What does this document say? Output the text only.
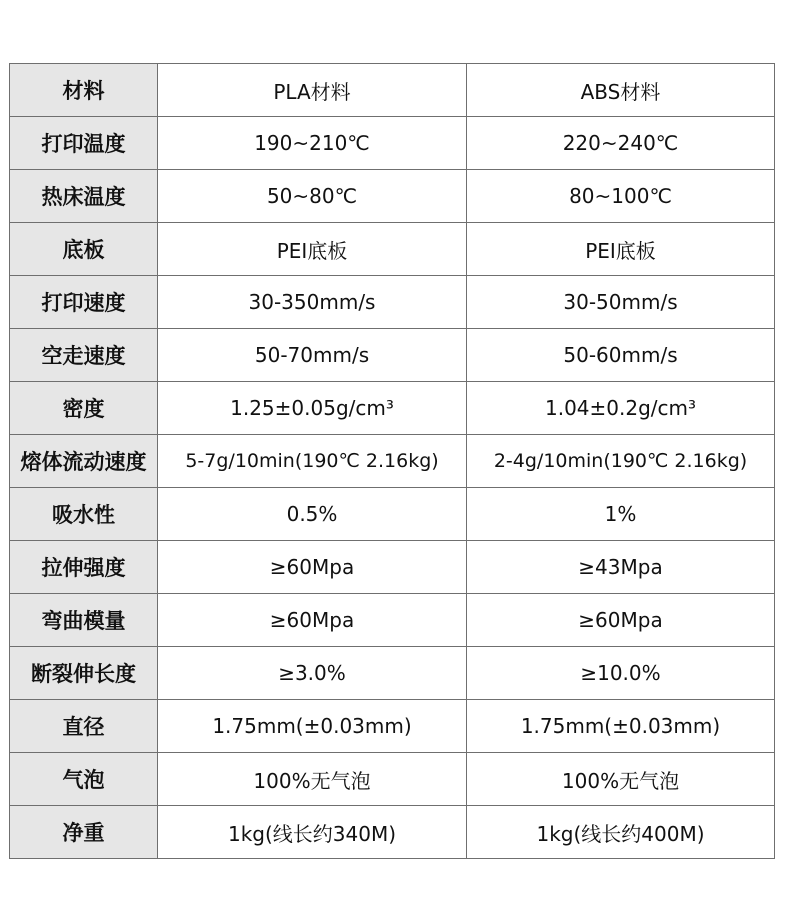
材料	PLA材料	ABS材料
打印温度	190~210℃	220~240℃
热床温度	50~80℃	80~100℃
底板	PEI底板	PEI底板
打印速度	30-350mm/s	30-50mm/s
空走速度	50-70mm/s	50-60mm/s
密度	1.25±0.05g/cm³	1.04±0.2g/cm³
熔体流动速度	5-7g/10min(190℃ 2.16kg)	2-4g/10min(190℃ 2.16kg)
吸水性	0.5%	1%
拉伸强度	≥60Mpa	≥43Mpa
弯曲模量	≥60Mpa	≥60Mpa
断裂伸长度	≥3.0%	≥10.0%
直径	1.75mm(±0.03mm)	1.75mm(±0.03mm)
气泡	100%无气泡	100%无气泡
净重	1kg(线长约340M)	1kg(线长约400M)
